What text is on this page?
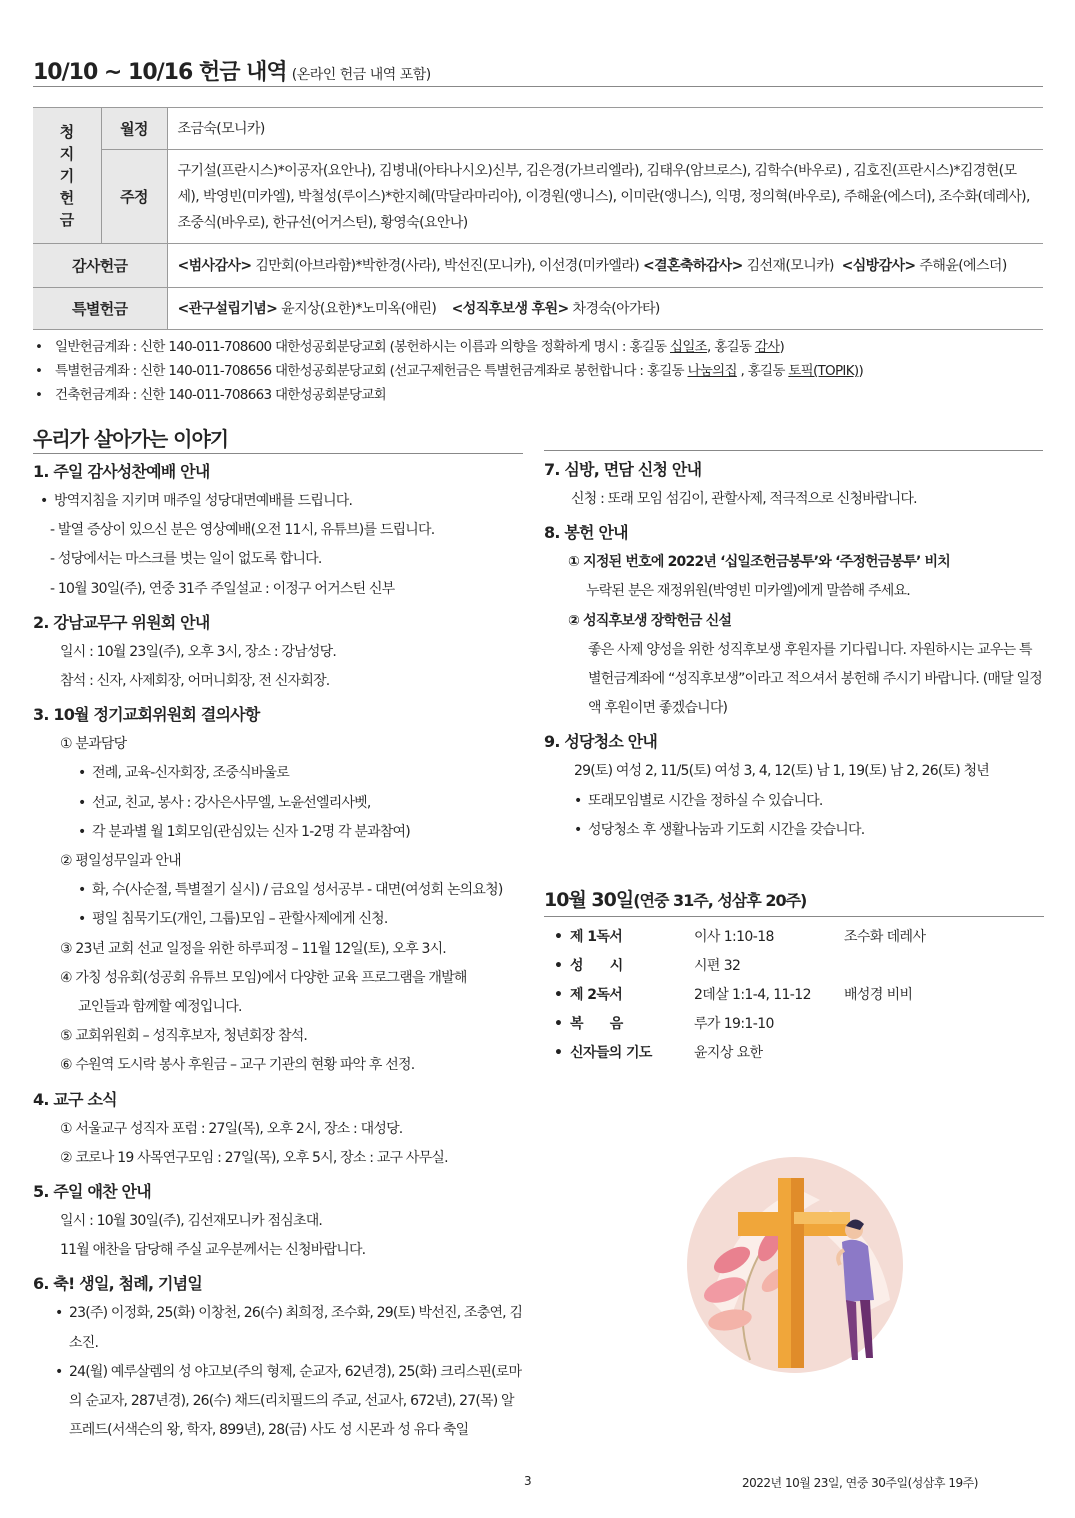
10/10 ~ 10/16 헌금 내역 (온라인 헌금 내역 포함)
청지기헌금	월정	조금숙(모니카)
	주정	구기설(프란시스)*이공자(요안나), 김병내(아타나시오)신부, 김은경(가브리엘라), 김태우(암브로스), 김학수(바우로) , 김호진(프란시스)*김경현(모세), 박영빈(미카엘), 박철성(루이스)*한지혜(막달라마리아), 이경원(앵니스), 이미란(앵니스), 익명, 정의혁(바우로), 주해윤(에스더), 조수화(데레사), 조중식(바우로), 한규선(어거스틴), 황영숙(요안나)
감사헌금		<범사감사> 김만회(아브라함)*박한경(사라), 박선진(모니카), 이선경(미카엘라) <결혼축하감사> 김선재(모니카)  <심방감사> 주해윤(에스더)
특별헌금		<관구설립기념> 윤지상(요한)*노미옥(애린)    <성직후보생 후원> 차경숙(아가타)
• 일반헌금계좌 : 신한 140-011-708600 대한성공회분당교회 (봉헌하시는 이름과 의향을 정확하게 명시 : 홍길동 십일조, 홍길동 감사)
• 특별헌금계좌 : 신한 140-011-708656 대한성공회분당교회 (선교구제헌금은 특별헌금계좌로 봉헌합니다 : 홍길동 나눔의집 , 홍길동 토픽(TOPIK))
• 건축헌금계좌 : 신한 140-011-708663 대한성공회분당교회
우리가 살아가는 이야기
1. 주일 감사성찬예배 안내
• 방역지침을 지키며 매주일 성당대면예배를 드립니다.
- 발열 증상이 있으신 분은 영상예배(오전 11시, 유튜브)를 드립니다.
- 성당에서는 마스크를 벗는 일이 없도록 합니다.
- 10월 30일(주), 연중 31주 주일설교 : 이정구 어거스틴 신부
2. 강남교무구 위원회 안내
일시 : 10월 23일(주), 오후 3시, 장소 : 강남성당.
참석 : 신자, 사제회장, 어머니회장, 전 신자회장.
3. 10월 정기교회위원회 결의사항
① 분과담당
• 전례, 교육-신자회장, 조중식바울로
• 선교, 친교, 봉사 : 강사은사무엘, 노윤선엘리사벳,
• 각 분과별 월 1회모임(관심있는 신자 1-2명 각 분과참여)
② 평일성무일과 안내
• 화, 수(사순절, 특별절기 실시) / 금요일 성서공부 - 대면(여성회 논의요청)
• 평일 침묵기도(개인, 그룹)모임 – 관할사제에게 신청.
③ 23년 교회 선교 일정을 위한 하루피정 – 11월 12일(토), 오후 3시.
④ 가칭 성유회(성공회 유튜브 모임)에서 다양한 교육 프로그램을 개발해
교인들과 함께할 예정입니다.
⑤ 교회위원회 – 성직후보자, 청년회장 참석.
⑥ 수원역 도시락 봉사 후원금 – 교구 기관의 현황 파악 후 선정.
4. 교구 소식
① 서울교구 성직자 포럼 : 27일(목), 오후 2시, 장소 : 대성당.
② 코로나 19 사목연구모임 : 27일(목), 오후 5시, 장소 : 교구 사무실.
5. 주일 애찬 안내
일시 : 10월 30일(주), 김선재모니카 점심초대.
11월 애찬을 담당해 주실 교우분께서는 신청바랍니다.
6. 축! 생일, 첨례, 기념일
• 23(주) 이정화, 25(화) 이창천, 26(수) 최희정, 조수화, 29(토) 박선진, 조충연, 김소진.
• 24(월) 예루살렘의 성 야고보(주의 형제, 순교자, 62년경), 25(화) 크리스핀(로마의 순교자, 287년경), 26(수) 채드(리치필드의 주교, 선교사, 672년), 27(목) 알프레드(서색슨의 왕, 학자, 899년), 28(금) 사도 성 시몬과 성 유다 축일
7. 심방, 면담 신청 안내
신청 : 또래 모임 섬김이, 관할사제, 적극적으로 신청바랍니다.
8. 봉헌 안내
① 지정된 번호에 2022년 ‘십일조헌금봉투’와 ‘주정헌금봉투’ 비치
누락된 분은 재정위원(박영빈 미카엘)에게 말씀해 주세요.
② 성직후보생 장학헌금 신설
좋은 사제 양성을 위한 성직후보생 후원자를 기다립니다. 자원하시는 교우는 특별헌금계좌에 “성직후보생”이라고 적으셔서 봉헌해 주시기 바랍니다. (매달 일정액 후원이면 좋겠습니다)
9. 성당청소 안내
29(토) 여성 2, 11/5(토) 여성 3, 4, 12(토) 남 1, 19(토) 남 2, 26(토) 청년
• 또래모임별로 시간을 정하실 수 있습니다.
• 성당청소 후 생활나눔과 기도회 시간을 갖습니다.
10월 30일(연중 31주, 성삼후 20주)
• 제 1독서	이사 1:10-18	조수화 데레사
• 성　　시	시편 32
• 제 2독서	2데살 1:1-4, 11-12	배성경 비비
• 복　　음	루가 19:1-10
• 신자들의 기도	윤지상 요한
3	2022년 10월 23일, 연중 30주일(성삼후 19주)
